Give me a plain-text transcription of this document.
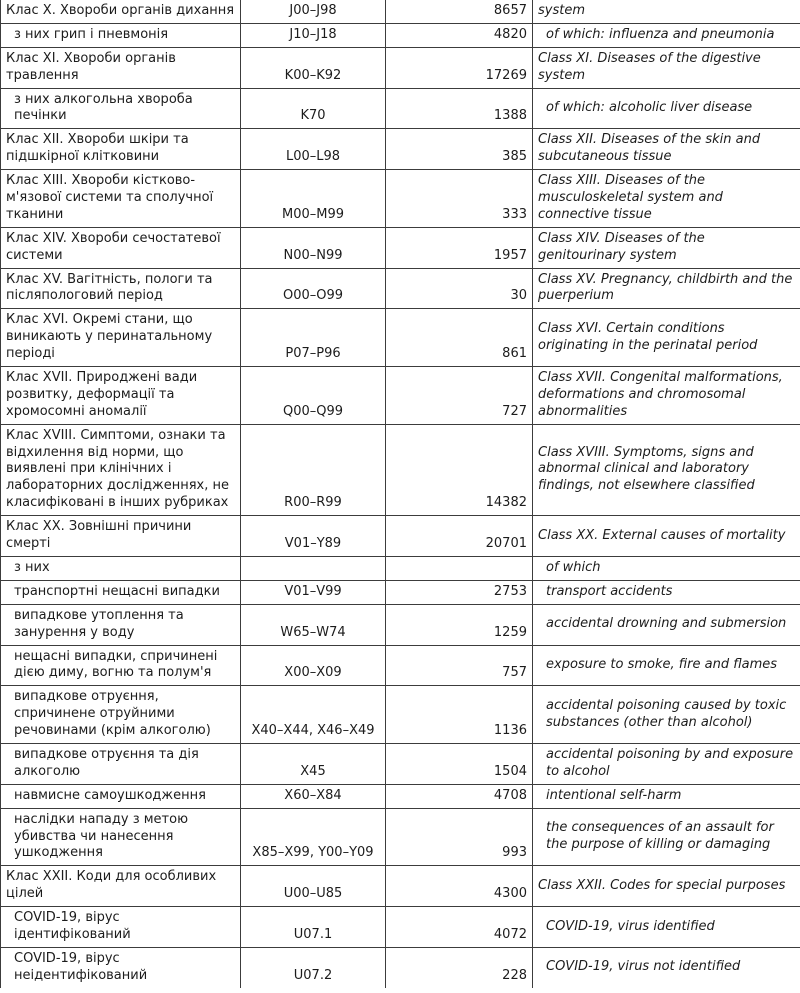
Клас X. Хвороби органів дихання	J00–J98	8657	system
з них грип і пневмонія	J10–J18	4820	of which: influenza and pneumonia
Клас XI. Хвороби органів травлення	K00–K92	17269	Class XI. Diseases of the digestive system
з них алкогольна хвороба печінки	K70	1388	of which: alcoholic liver disease
Клас XII. Хвороби шкіри та підшкірної клітковини	L00–L98	385	Class XII. Diseases of the skin and subcutaneous tissue
Клас XIII. Хвороби кістково-м'язової системи та сполучної тканини	M00–M99	333	Class XIII. Diseases of the musculoskeletal system and connective tissue
Клас XIV. Хвороби сечостатевої системи	N00–N99	1957	Class XIV. Diseases of the genitourinary system
Клас XV. Вагітність, пологи та післяпологовий період	O00–O99	30	Class XV. Pregnancy, childbirth and the puerperium
Клас XVI. Окремі стани, що виникають у перинатальному періоді	P07–P96	861	Class XVI. Certain conditions originating in the perinatal period
Клас XVII. Природжені вади розвитку, деформації та хромосомні аномалії	Q00–Q99	727	Class XVII. Congenital malformations, deformations and chromosomal abnormalities
Клас XVIII. Симптоми, ознаки та відхилення від норми, що виявлені при клінічних і лабораторних дослідженнях, не класифіковані в інших рубриках	R00–R99	14382	Class XVIII. Symptoms, signs and abnormal clinical and laboratory findings, not elsewhere classified
Клас XX. Зовнішні причини смерті	V01–Y89	20701	Class XX. External causes of mortality
з них			of which
транспортні нещасні випадки	V01–V99	2753	transport accidents
випадкове утоплення та занурення у воду	W65–W74	1259	accidental drowning and submersion
нещасні випадки, спричинені дією диму, вогню та полум'я	X00–X09	757	exposure to smoke, fire and flames
випадкове отруєння, спричинене отруйними речовинами (крім алкоголю)	X40–X44, X46–X49	1136	accidental poisoning caused by toxic substances (other than alcohol)
випадкове отруєння та дія алкоголю	X45	1504	accidental poisoning by and exposure to alcohol
навмисне самоушкодження	X60–X84	4708	intentional self-harm
наслідки нападу з метою убивства чи нанесення ушкодження	X85–X99, Y00–Y09	993	the consequences of an assault for the purpose of killing or damaging
Клас XXII. Коди для особливих цілей	U00–U85	4300	Class XXII. Codes for special purposes
COVID-19, вірус ідентифікований	U07.1	4072	COVID-19, virus identified
COVID-19, вірус неідентифікований	U07.2	228	COVID-19, virus not identified
